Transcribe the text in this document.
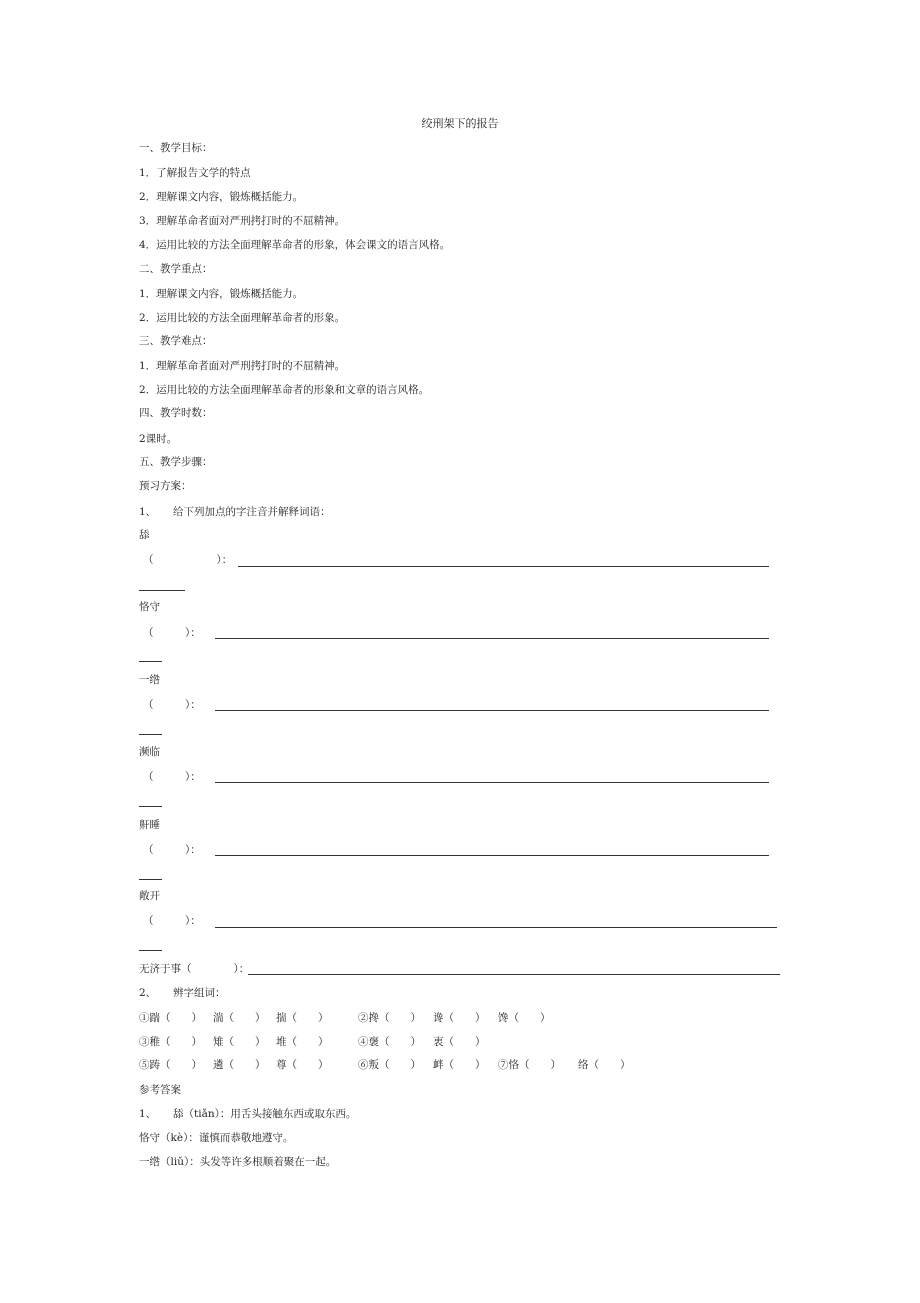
绞刑架下的报告
一、教学目标：
1．了解报告文学的特点
2．理解课文内容，锻炼概括能力。
3．理解革命者面对严刑拷打时的不屈精神。
4．运用比较的方法全面理解革命者的形象，体会课文的语言风格。
二、教学重点：
1．理解课文内容，锻炼概括能力。
2．运用比较的方法全面理解革命者的形象。
三、教学难点：
1．理解革命者面对严刑拷打时的不屈精神。
2．运用比较的方法全面理解革命者的形象和文章的语言风格。
四、教学时数：
2课时。
五、教学步骤：
预习方案：
1、 给下列加点的字注音并解释词语：
舔
（　　　　　　）：
恪守
（　　　）：
一绺
（　　　）：
濒临
（　　　）：
鼾睡
（　　　）：
敞开
（　　　）：
无济于事（　　　　）：
2、 辨字组词：
①踹（　　） 湍（　　） 揣（　　）	②搀（　　） 谗（　　） 馋（　　）
③稚（　　） 雉（　　） 堆（　　）	④褒（　　） 衷（　　）
⑤踌（　　） 遴（　　） 尊（　　）	⑥叛（　　） 衅（　　） ⑦恪（　　） 络（　　）
参考答案
1、 舔（tiǎn）：用舌头接触东西或取东西。
恪守（kè）：谨慎而恭敬地遵守。
一绺（liǔ）：头发等许多根顺着聚在一起。
